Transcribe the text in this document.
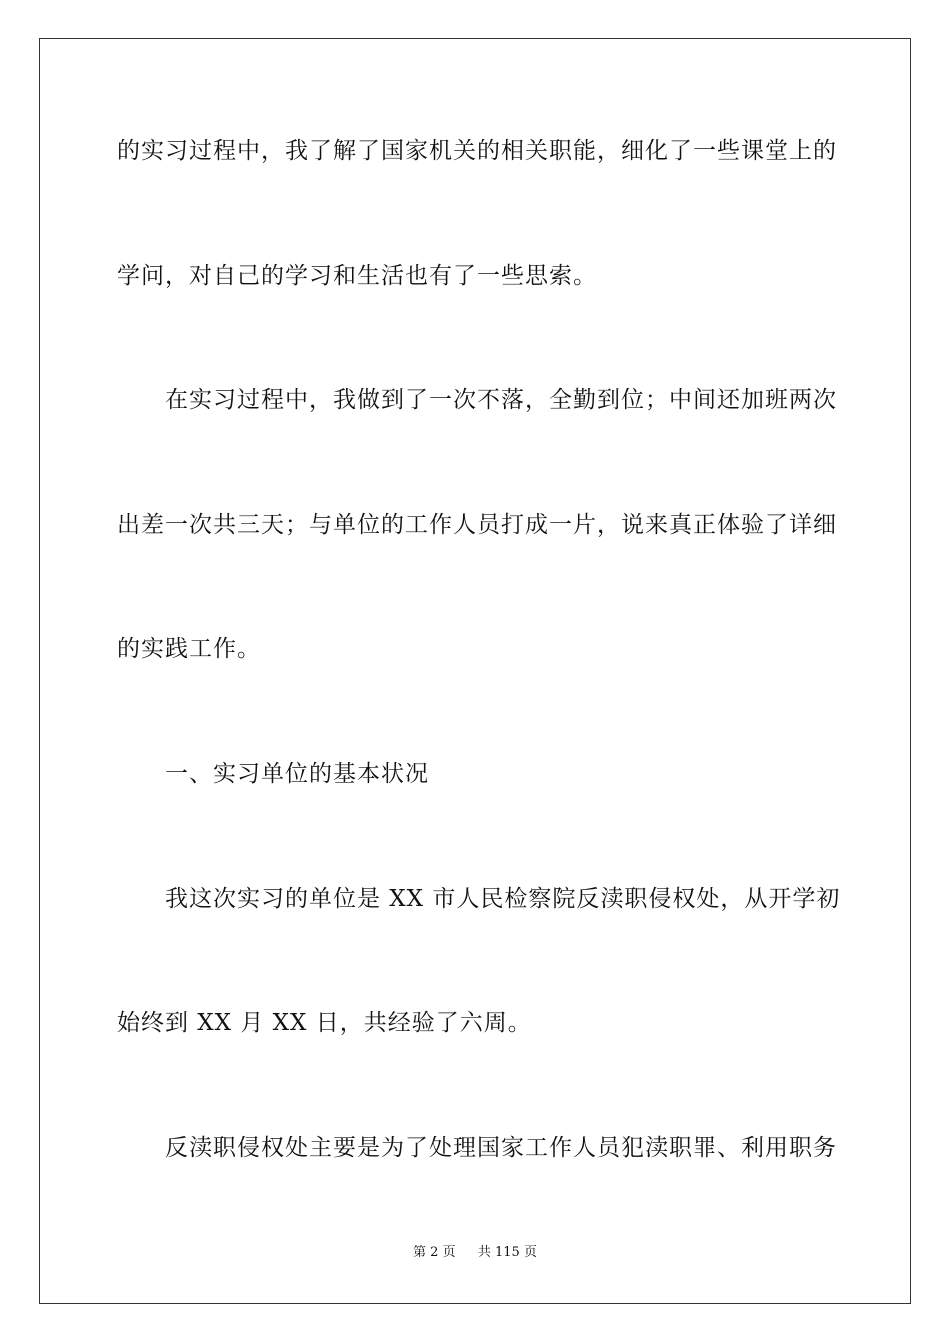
的实习过程中，我了解了国家机关的相关职能，细化了一些课堂上的
学问，对自己的学习和生活也有了一些思索。
在实习过程中，我做到了一次不落，全勤到位；中间还加班两次
出差一次共三天；与单位的工作人员打成一片，说来真正体验了详细
的实践工作。
一、实习单位的基本状况
我这次实习的单位是 XX 市人民检察院反渎职侵权处，从开学初
始终到 XX 月 XX 日，共经验了六周。
反渎职侵权处主要是为了处理国家工作人员犯渎职罪、利用职务
第 2 页 共 115 页
